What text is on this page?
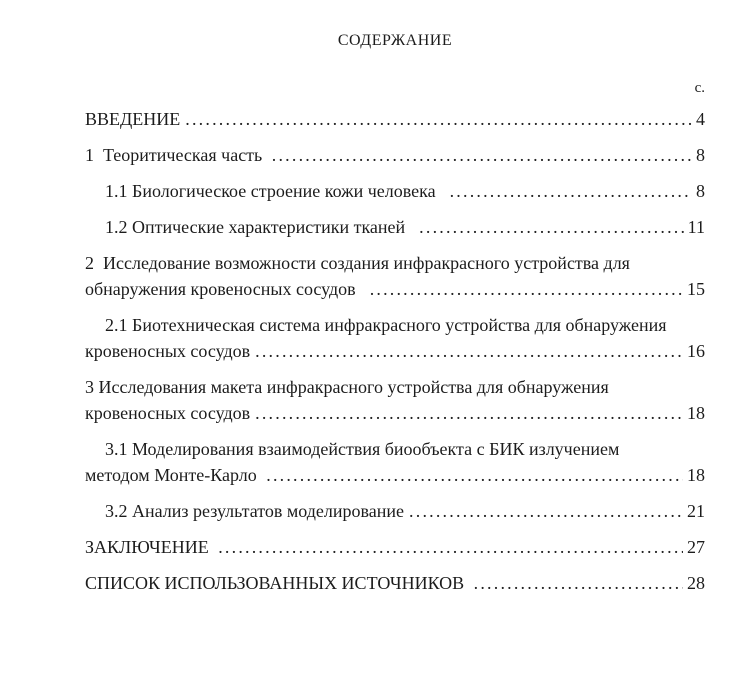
СОДЕРЖАНИЕ
с.
ВВЕДЕНИЕ .....	4
1  Теоритическая часть .....	8
1.1 Биологическое строение кожи человека .....	8
1.2 Оптические характеристики тканей .....	11
2  Исследование возможности создания инфракрасного устройства для
обнаружения кровеносных сосудов .....	15
2.1 Биотехническая система инфракрасного устройства для обнаружения
кровеносных сосудов .....	16
3 Исследования макета инфракрасного устройства для обнаружения
кровеносных сосудов .....	18
3.1 Моделирования взаимодействия биообъекта с БИК излучением
методом Монте-Карло .....	18
3.2 Анализ результатов моделирование .....	21
ЗАКЛЮЧЕНИЕ .....	27
СПИСОК ИСПОЛЬЗОВАННЫХ ИСТОЧНИКОВ .....	28
